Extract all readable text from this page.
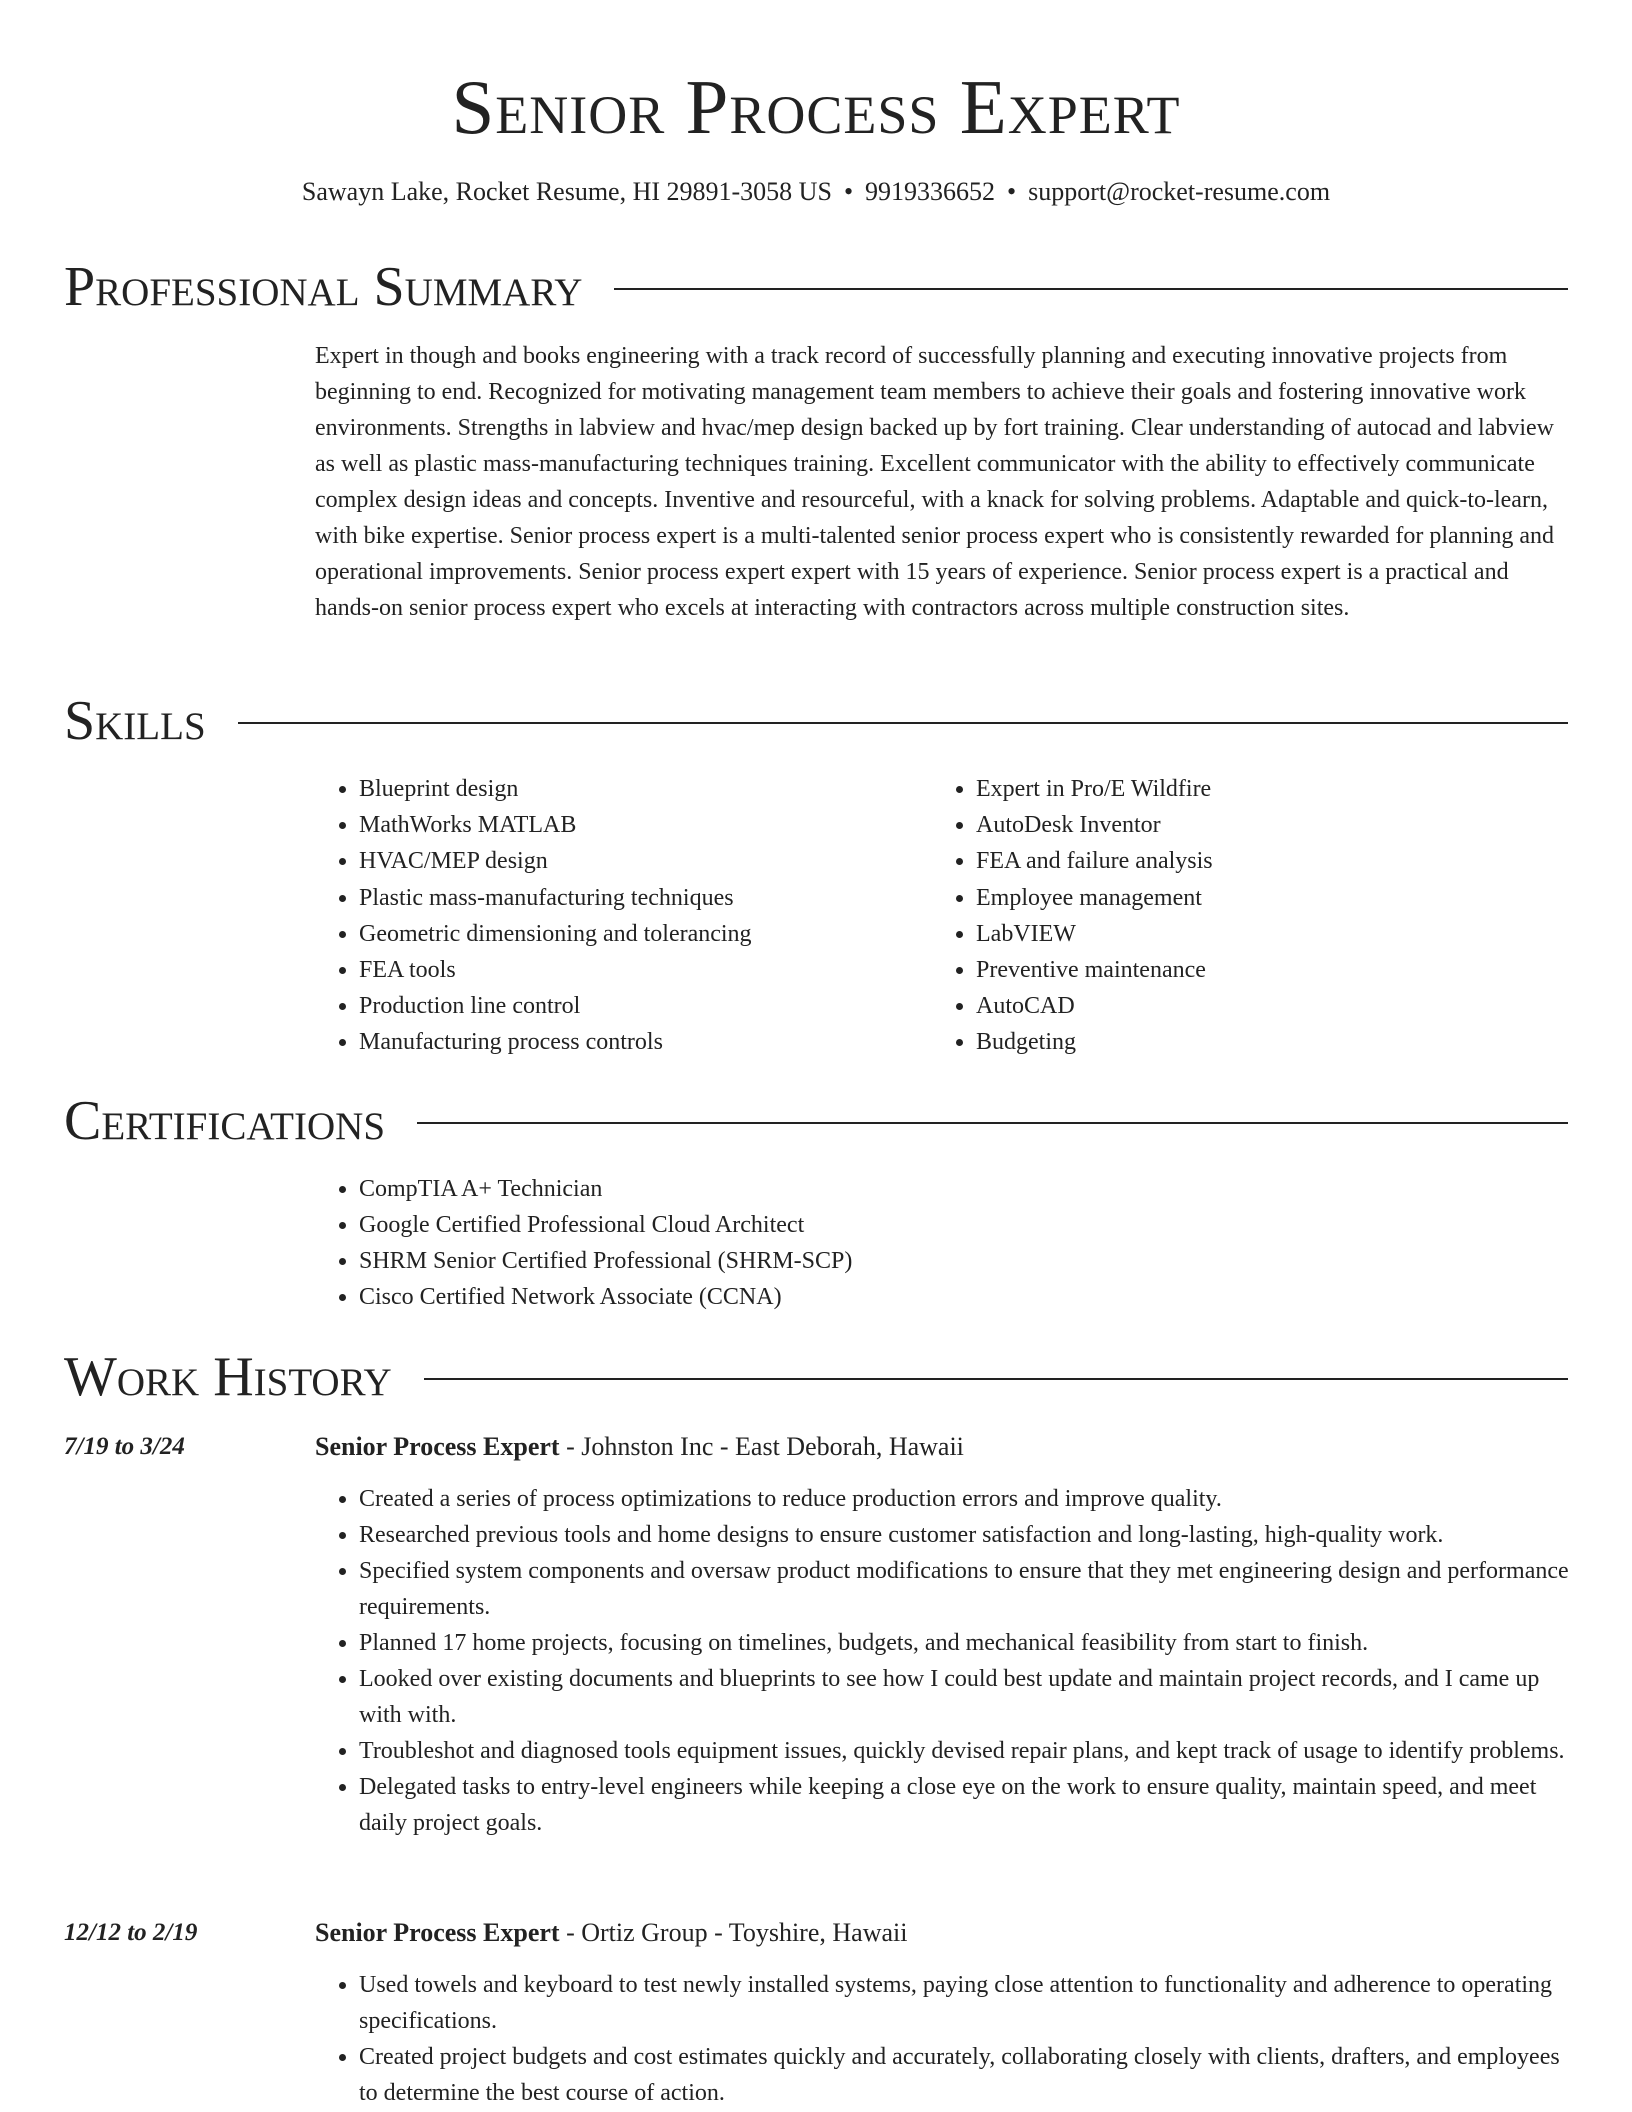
Senior Process Expert
Sawayn Lake, Rocket Resume, HI 29891-3058 US • 9919336652 • support@rocket-resume.com
Professional Summary

Expert in though and books engineering with a track record of successfully planning and executing innovative projects from beginning to end. Recognized for motivating management team members to achieve their goals and fostering innovative work environments. Strengths in labview and hvac/mep design backed up by fort training. Clear understanding of autocad and labview as well as plastic mass-manufacturing techniques training. Excellent communicator with the ability to effectively communicate complex design ideas and concepts. Inventive and resourceful, with a knack for solving problems. Adaptable and quick-to-learn, with bike expertise. Senior process expert is a multi-talented senior process expert who is consistently rewarded for planning and operational improvements. Senior process expert expert with 15 years of experience. Senior process expert is a practical and hands-on senior process expert who excels at interacting with contractors across multiple construction sites.

Skills
• Blueprint design
• MathWorks MATLAB
• HVAC/MEP design
• Plastic mass-manufacturing techniques
• Geometric dimensioning and tolerancing
• FEA tools
• Production line control
• Manufacturing process controls
• Expert in Pro/E Wildfire
• AutoDesk Inventor
• FEA and failure analysis
• Employee management
• LabVIEW
• Preventive maintenance
• AutoCAD
• Budgeting
Certifications
• CompTIA A+ Technician
• Google Certified Professional Cloud Architect
• SHRM Senior Certified Professional (SHRM-SCP)
• Cisco Certified Network Associate (CCNA)
Work History
7/19 to 3/24	Senior Process Expert - Johnston Inc - East Deborah, Hawaii
• Created a series of process optimizations to reduce production errors and improve quality.
• Researched previous tools and home designs to ensure customer satisfaction and long-lasting, high-quality work.
• Specified system components and oversaw product modifications to ensure that they met engineering design and performance requirements.
• Planned 17 home projects, focusing on timelines, budgets, and mechanical feasibility from start to finish.
• Looked over existing documents and blueprints to see how I could best update and maintain project records, and I came up with with.
• Troubleshot and diagnosed tools equipment issues, quickly devised repair plans, and kept track of usage to identify problems.
• Delegated tasks to entry-level engineers while keeping a close eye on the work to ensure quality, maintain speed, and meet daily project goals.
12/12 to 2/19	Senior Process Expert - Ortiz Group - Toyshire, Hawaii
• Used towels and keyboard to test newly installed systems, paying close attention to functionality and adherence to operating specifications.
• Created project budgets and cost estimates quickly and accurately, collaborating closely with clients, drafters, and employees to determine the best course of action.
